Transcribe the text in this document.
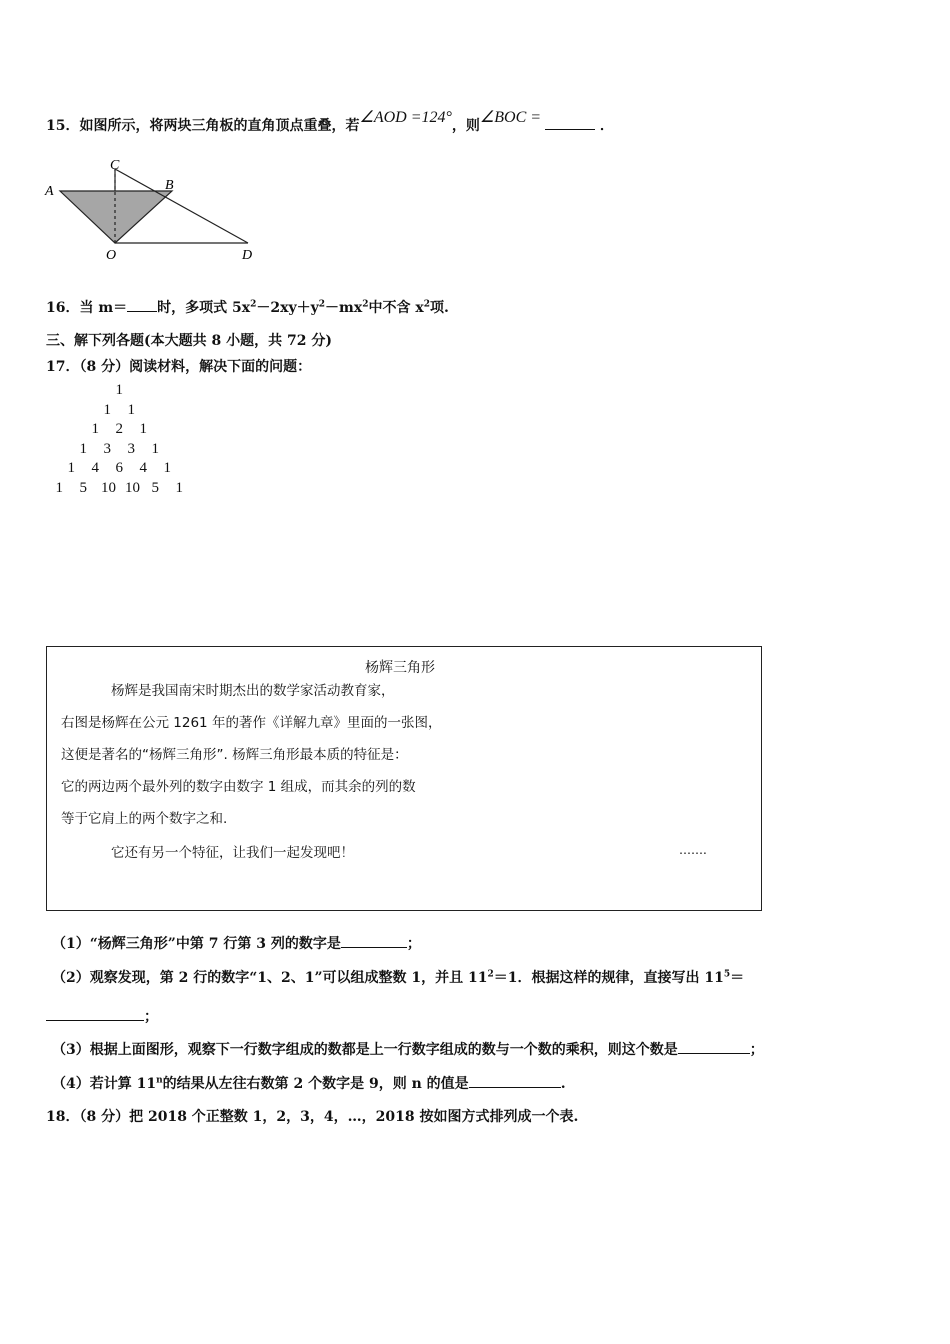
15．如图所示，将两块三角板的直角顶点重叠，若∠AOD =124°，则∠BOC =	．
A	B
C
D
O
16．当 m＝ 时，多项式 $5x^2-2xy+y^2-mx^2$中不含 $x^2$项.
三、解下列各题(本大题共 8 小题，共 72 分)
17．（8 分）阅读材料，解决下面的问题：
1
1 1
1 2 1
1 3 3 1
1 4 6 4 1
1 5 10 10 5 1
杨辉三角形
杨辉是我国南宋时期杰出的数学家活动教育家，
右图是杨辉在公元 1261 年的著作《详解九章》里面的一张图，
这便是著名的“杨辉三角形”. 杨辉三角形最本质的特征是：
它的两边两个最外列的数字由数字 1 组成，而其余的列的数
等于它肩上的两个数字之和.
它还有另一个特征，让我们一起发现吧！	…….
（1）“杨辉三角形”中第 7 行第 3 列的数字是	；
（2）观察发现，第 2 行的数字“1、2、1”可以组成整数 1，并且 $11^2=1$．根据这样的规律，直接写出 $11^5=$
；
（3）根据上面图形，观察下一行数字组成的数都是上一行数字组成的数与一个数的乘积，则这个数是	；
（4）若计算 11$^n$的结果从左往右数第 2 个数字是 9，则 n 的值是	.
18．（8 分）把 2018 个正整数 1，2，3，4，…，2018 按如图方式排列成一个表.
